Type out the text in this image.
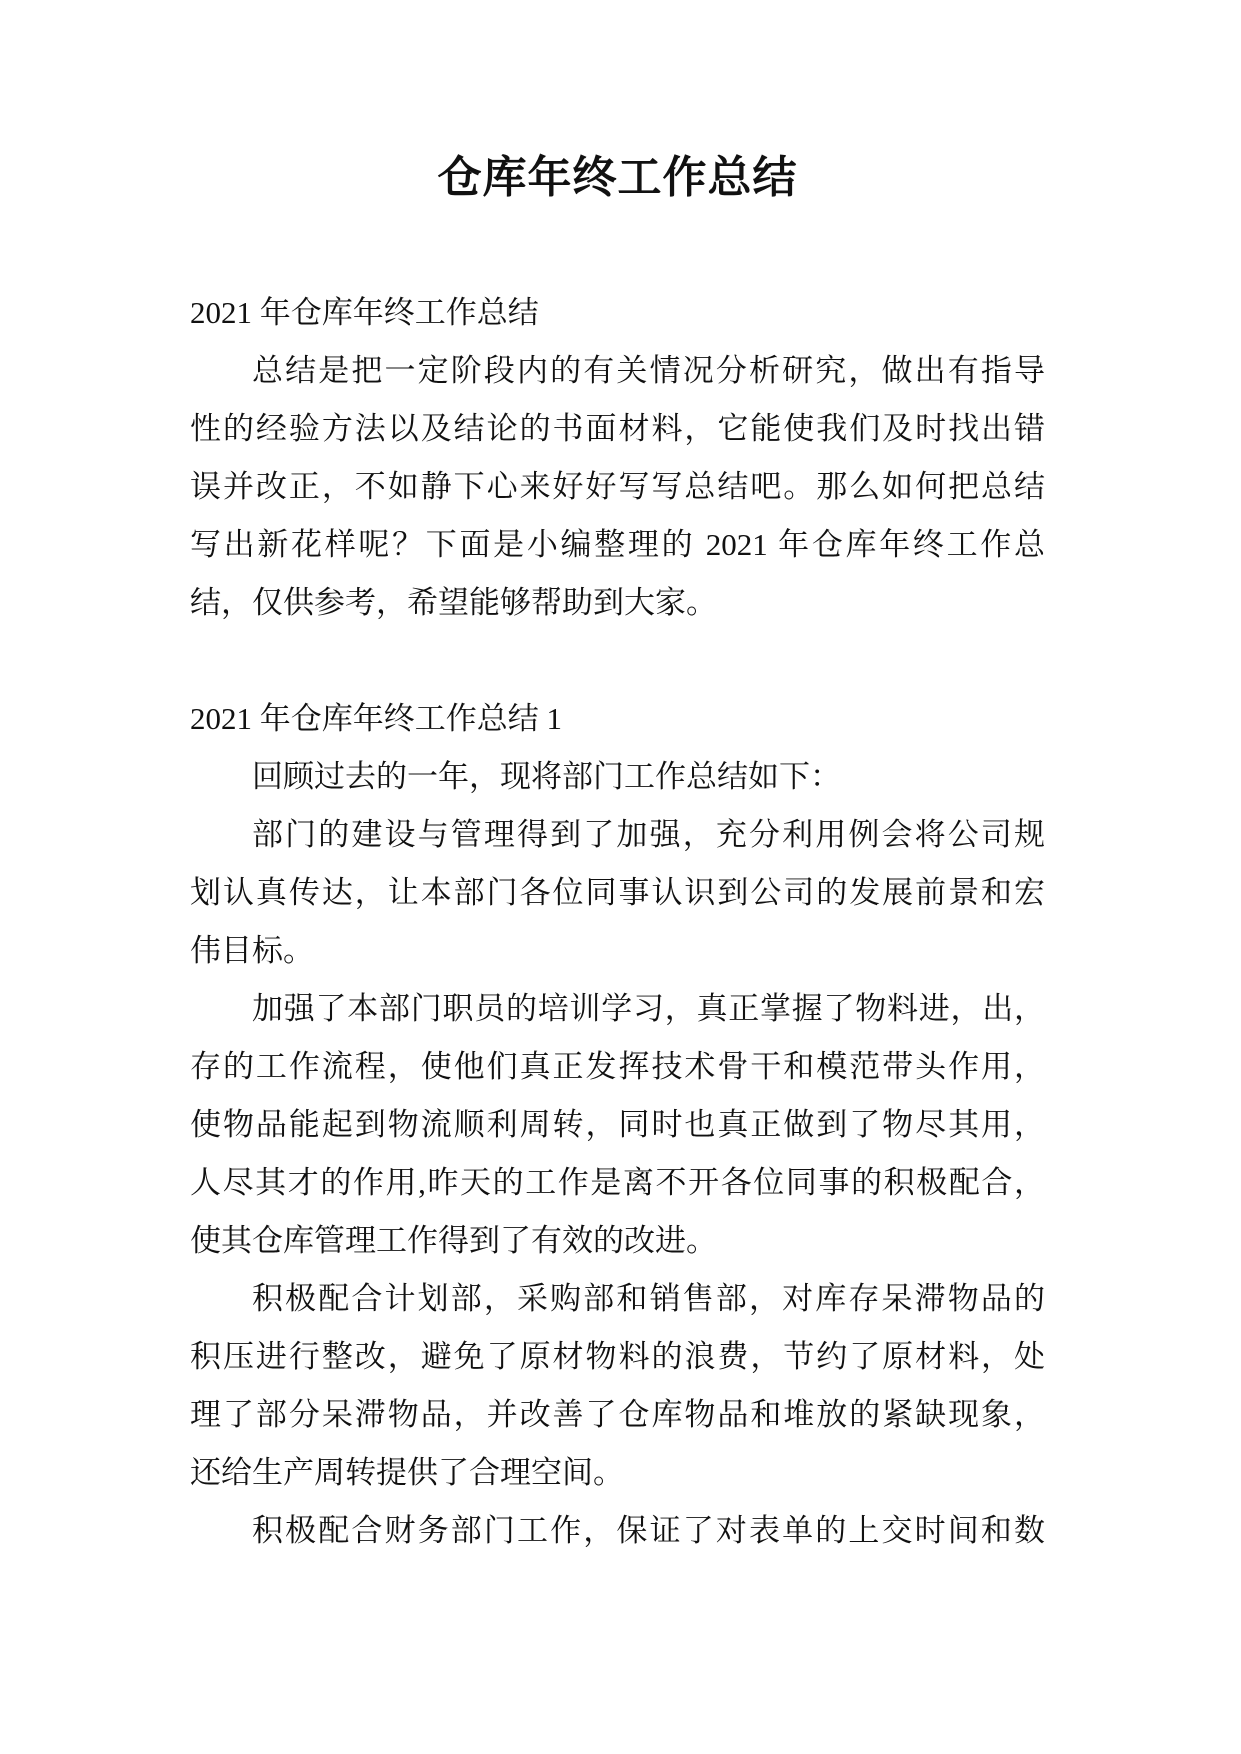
仓库年终工作总结
2021 年仓库年终工作总结
总结是把一定阶段内的有关情况分析研究，做出有指导
性的经验方法以及结论的书面材料，它能使我们及时找出错
误并改正，不如静下心来好好写写总结吧。那么如何把总结
写出新花样呢？下面是小编整理的 2021 年仓库年终工作总
结，仅供参考，希望能够帮助到大家。
2021 年仓库年终工作总结 1
回顾过去的一年，现将部门工作总结如下：
部门的建设与管理得到了加强，充分利用例会将公司规
划认真传达，让本部门各位同事认识到公司的发展前景和宏
伟目标。
加强了本部门职员的培训学习，真正掌握了物料进，出，
存的工作流程，使他们真正发挥技术骨干和模范带头作用，
使物品能起到物流顺利周转，同时也真正做到了物尽其用，
人尽其才的作用,昨天的工作是离不开各位同事的积极配合，
使其仓库管理工作得到了有效的改进。
积极配合计划部，采购部和销售部，对库存呆滞物品的
积压进行整改，避免了原材物料的浪费，节约了原材料，处
理了部分呆滞物品，并改善了仓库物品和堆放的紧缺现象，
还给生产周转提供了合理空间。
积极配合财务部门工作，保证了对表单的上交时间和数
